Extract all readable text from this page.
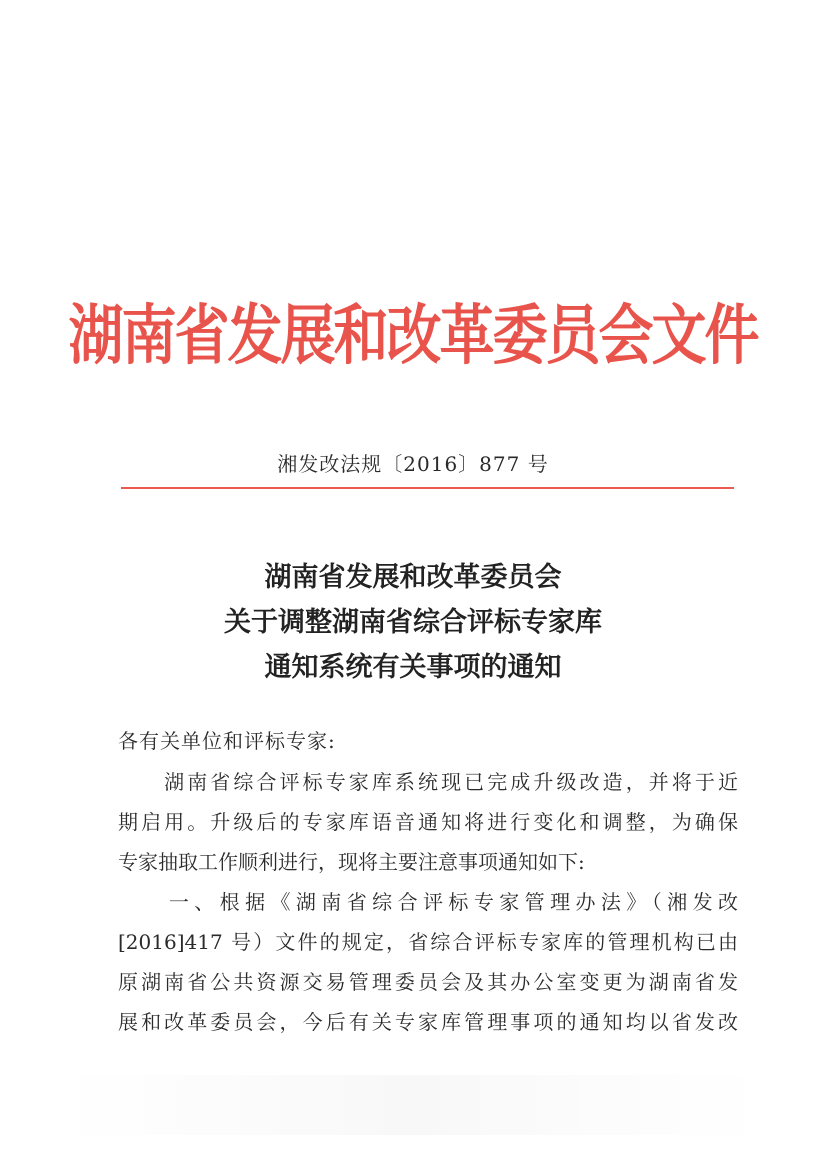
湖南省发展和改革委员会文件
湘发改法规〔2016〕877 号
湖南省发展和改革委员会
关于调整湖南省综合评标专家库
通知系统有关事项的通知
各有关单位和评标专家:
　　湖南省综合评标专家库系统现已完成升级改造，并将于近
期启用。升级后的专家库语音通知将进行变化和调整，为确保
专家抽取工作顺利进行，现将主要注意事项通知如下:
　　一、根据《湖南省综合评标专家管理办法》（湘发改
[2016]417 号）文件的规定，省综合评标专家库的管理机构已由
原湖南省公共资源交易管理委员会及其办公室变更为湖南省发
展和改革委员会，今后有关专家库管理事项的通知均以省发改
